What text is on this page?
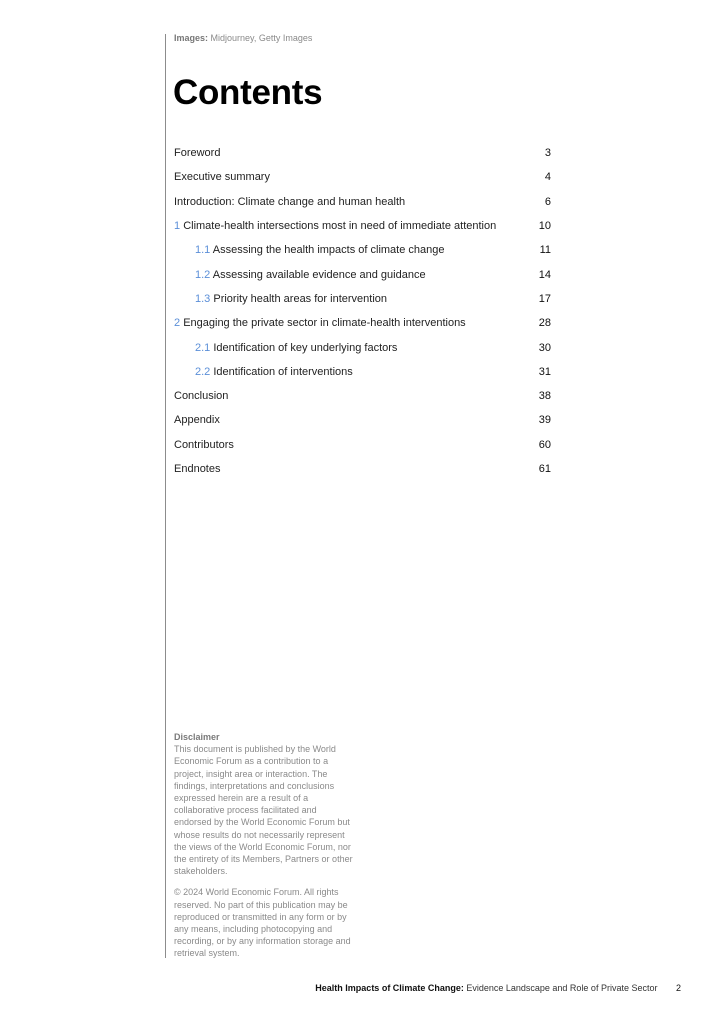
Images: Midjourney, Getty Images
Contents
Foreword	3
Executive summary	4
Introduction: Climate change and human health	6
1 Climate-health intersections most in need of immediate attention	10
1.1 Assessing the health impacts of climate change	11
1.2 Assessing available evidence and guidance	14
1.3 Priority health areas for intervention	17
2 Engaging the private sector in climate-health interventions	28
2.1 Identification of key underlying factors	30
2.2 Identification of interventions	31
Conclusion	38
Appendix	39
Contributors	60
Endnotes	61

Disclaimer

This document is published by the World Economic Forum as a contribution to a project, insight area or interaction. The findings, interpretations and conclusions expressed herein are a result of a collaborative process facilitated and endorsed by the World Economic Forum but whose results do not necessarily represent the views of the World Economic Forum, nor the entirety of its Members, Partners or other stakeholders.

© 2024 World Economic Forum. All rights reserved. No part of this publication may be reproduced or transmitted in any form or by any means, including photocopying and recording, or by any information storage and retrieval system.

Health Impacts of Climate Change: Evidence Landscape and Role of Private Sector 2
